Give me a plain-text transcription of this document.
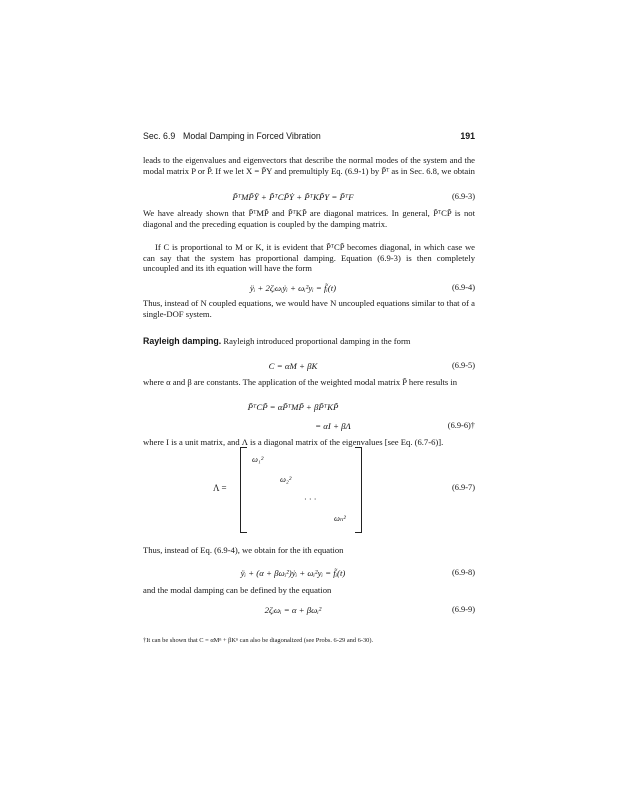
Sec. 6.9 Modal Damping in Forced Vibration	191

leads to the eigenvalues and eigenvectors that describe the normal modes of the system and the modal matrix P or P̃. If we let X = P̃Y and premultiply Eq. (6.9-1) by P̃ᵀ as in Sec. 6.8, we obtain

P̃ᵀMP̃Ÿ + P̃ᵀCP̃Ẏ + P̃ᵀKP̃Y = P̃ᵀF	(6.9-3)

We have already shown that P̃ᵀMP̃ and P̃ᵀKP̃ are diagonal matrices. In general, P̃ᵀCP̃ is not diagonal and the preceding equation is coupled by the damping matrix.

If C is proportional to M or K, it is evident that P̃ᵀCP̃ becomes diagonal, in which case we can say that the system has proportional damping. Equation (6.9-3) is then completely uncoupled and its ith equation will have the form

ÿᵢ + 2ζᵢωᵢẏᵢ + ωᵢ²yᵢ = f̃ᵢ(t)	(6.9-4)

Thus, instead of N coupled equations, we would have N uncoupled equations similar to that of a single-DOF system.

Rayleigh damping. Rayleigh introduced proportional damping in the form

C = αM + βK	(6.9-5)

where α and β are constants. The application of the weighted modal matrix P̃ here results in

P̃ᵀCP̃ = αP̃ᵀMP̃ + βP̃ᵀKP̃
= αI + βΛ	(6.9-6)†

where I is a unit matrix, and Λ is a diagonal matrix of the eigenvalues [see Eq. (6.7-6)].

Λ =
ω₁²
ω₂²
· · ·
ωₙ²
(6.9-7)

Thus, instead of Eq. (6.9-4), we obtain for the ith equation

ÿᵢ + (α + βωᵢ²)ẏᵢ + ωᵢ²yᵢ = f̃ᵢ(t)	(6.9-8)

and the modal damping can be defined by the equation

2ζᵢωᵢ = α + βωᵢ²	(6.9-9)
†It can be shown that C = αMⁿ + βKⁿ can also be diagonalized (see Probs. 6-29 and 6-30).
